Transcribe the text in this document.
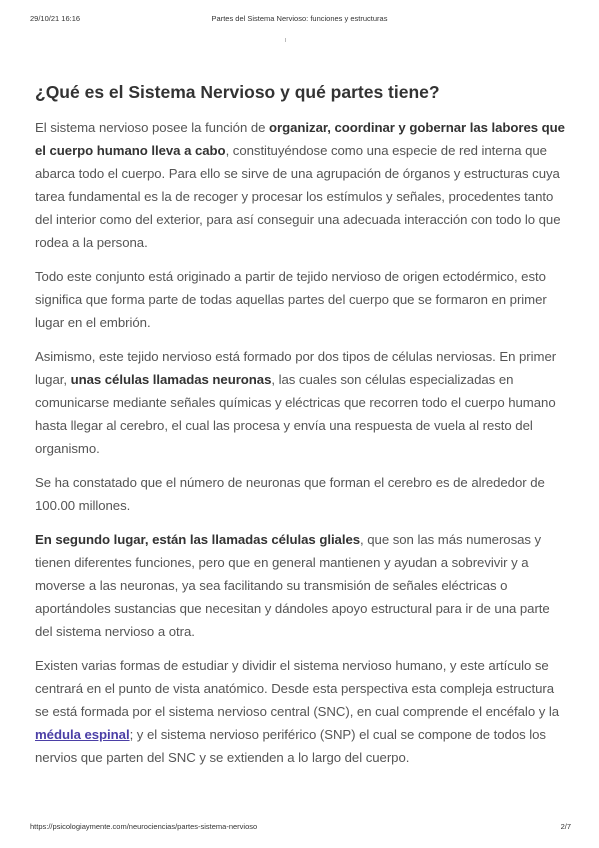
29/10/21 16:16	Partes del Sistema Nervioso: funciones y estructuras
¿Qué es el Sistema Nervioso y qué partes tiene?

El sistema nervioso posee la función de organizar, coordinar y gobernar las labores que el cuerpo humano lleva a cabo, constituyéndose como una especie de red interna que abarca todo el cuerpo. Para ello se sirve de una agrupación de órganos y estructuras cuya tarea fundamental es la de recoger y procesar los estímulos y señales, procedentes tanto del interior como del exterior, para así conseguir una adecuada interacción con todo lo que rodea a la persona.

Todo este conjunto está originado a partir de tejido nervioso de origen ectodérmico, esto significa que forma parte de todas aquellas partes del cuerpo que se formaron en primer lugar en el embrión.

Asimismo, este tejido nervioso está formado por dos tipos de células nerviosas. En primer lugar, unas células llamadas neuronas, las cuales son células especializadas en comunicarse mediante señales químicas y eléctricas que recorren todo el cuerpo humano hasta llegar al cerebro, el cual las procesa y envía una respuesta de vuela al resto del organismo.

Se ha constatado que el número de neuronas que forman el cerebro es de alrededor de 100.00 millones.

En segundo lugar, están las llamadas células gliales, que son las más numerosas y tienen diferentes funciones, pero que en general mantienen y ayudan a sobrevivir y a moverse a las neuronas, ya sea facilitando su transmisión de señales eléctricas o aportándoles sustancias que necesitan y dándoles apoyo estructural para ir de una parte del sistema nervioso a otra.

Existen varias formas de estudiar y dividir el sistema nervioso humano, y este artículo se centrará en el punto de vista anatómico. Desde esta perspectiva esta compleja estructura se está formada por el sistema nervioso central (SNC), en cual comprende el encéfalo y la médula espinal; y el sistema nervioso periférico (SNP) el cual se compone de todos los nervios que parten del SNC y se extienden a lo largo del cuerpo.

https://psicologiaymente.com/neurociencias/partes-sistema-nervioso	2/7
